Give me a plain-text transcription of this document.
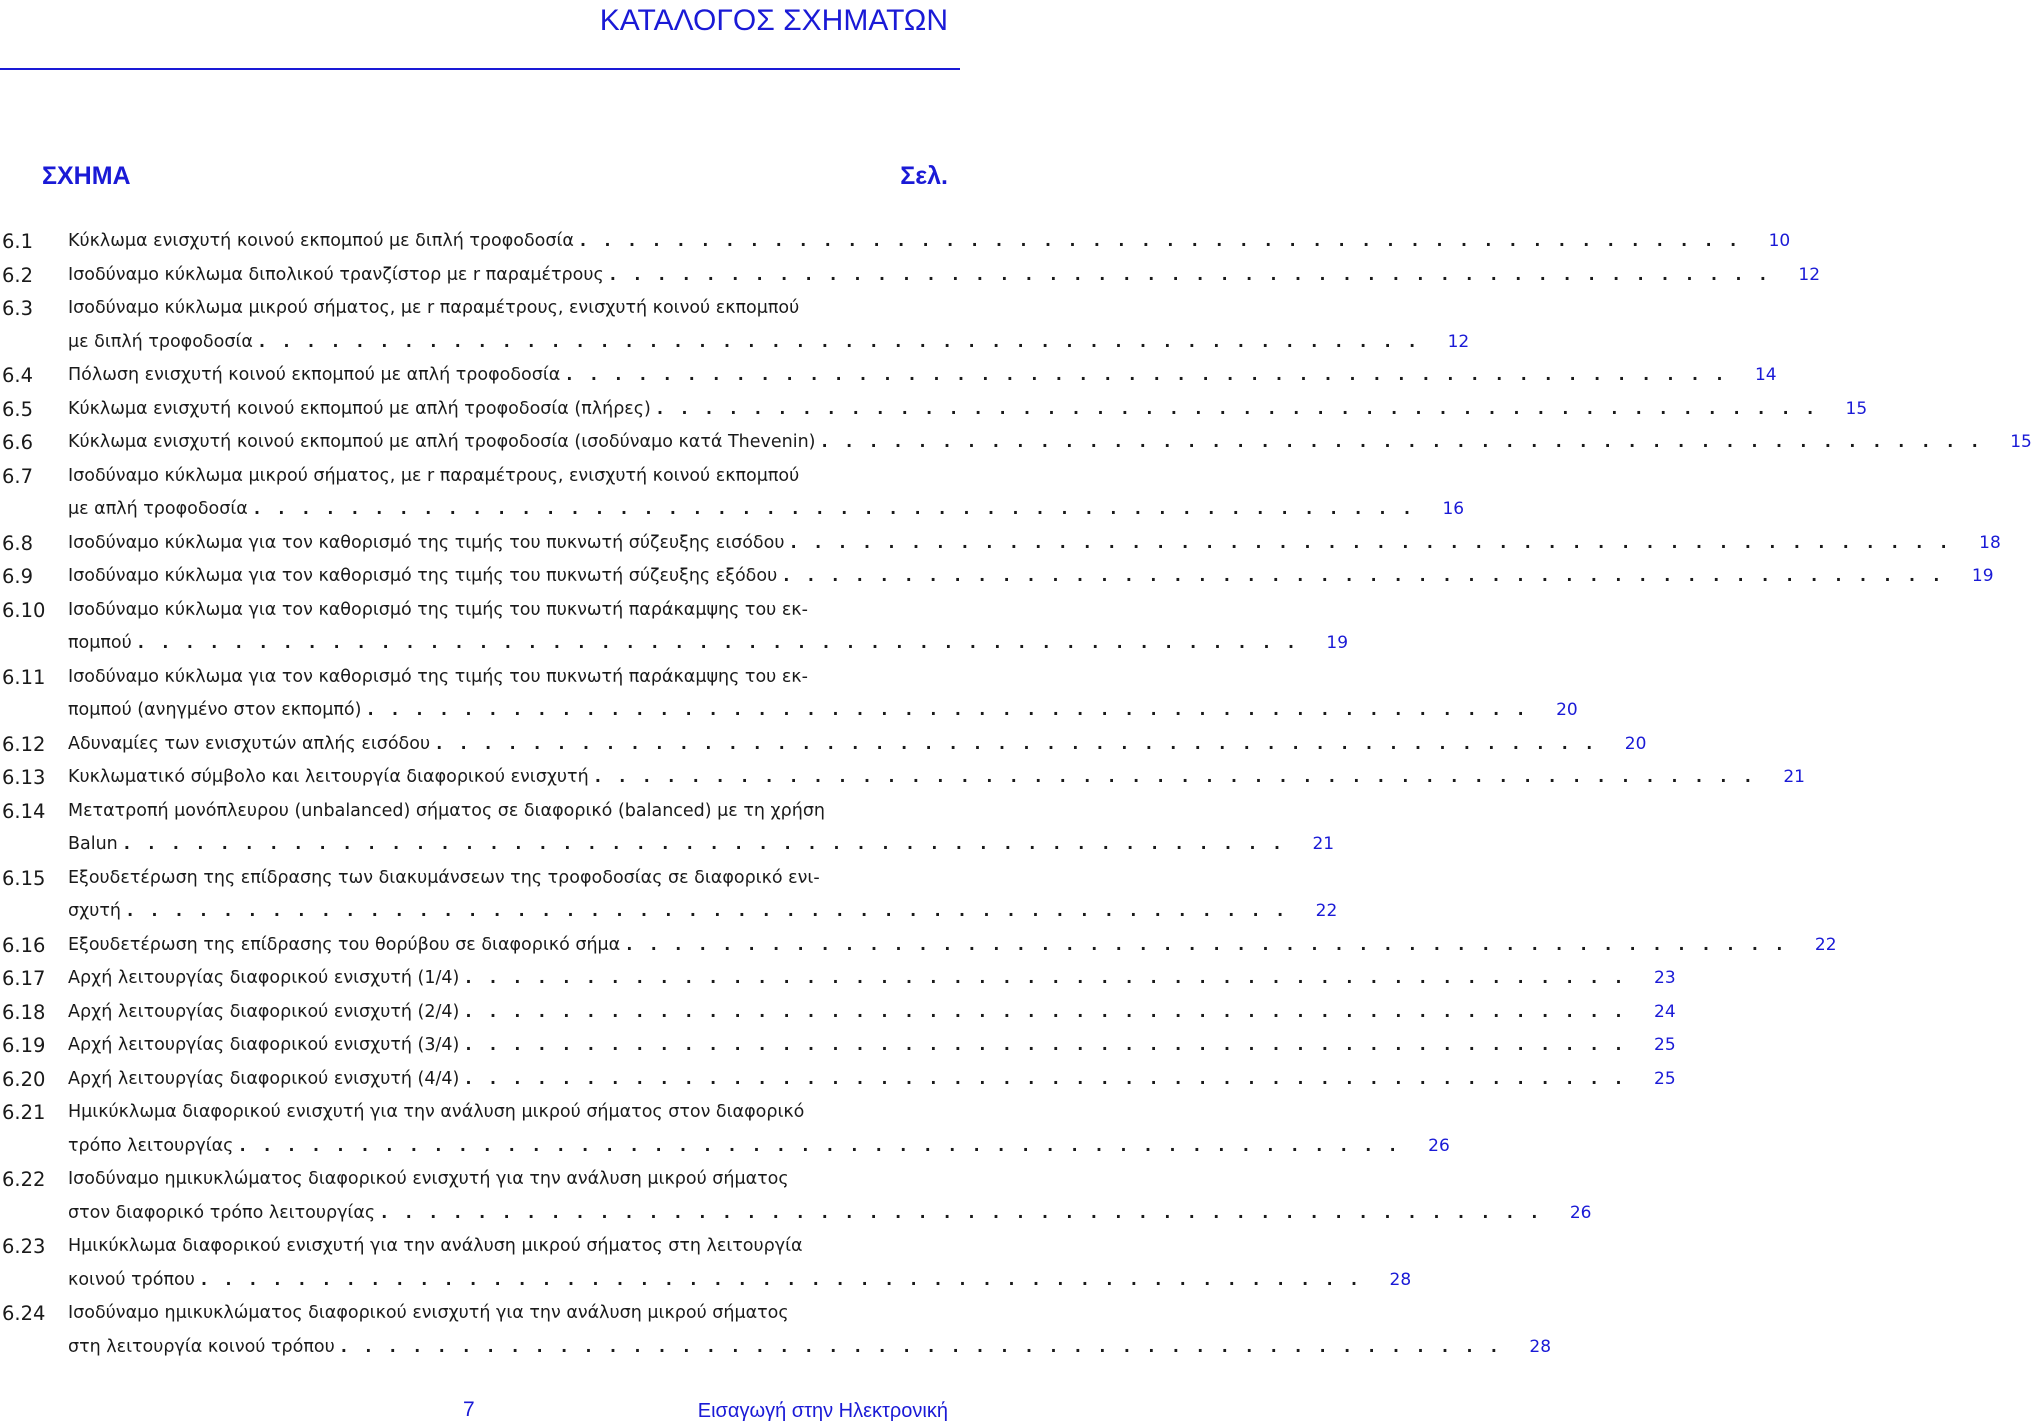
ΚΑΤΑΛΟΓΟΣ ΣΧΗΜΑΤΩΝ
ΣΧΗΜΑ	Σελ.
6.1	Κύκλωμα ενισχυτή κοινού εκπομπού με διπλή τροφοδοσία . . . . . . . . . . . . . . . . . . . . . . . . . . . . . . . . . . . . . . . . . . . . . . . .	10
6.2	Ισοδύναμο κύκλωμα διπολικού τρανζίστορ με r παραμέτρους . . . . . . . . . . . . . . . . . . . . . . . . . . . . . . . . . . . . . . . . . . . . . . . .	12
6.3	Ισοδύναμο κύκλωμα μικρού σήματος, με r παραμέτρους, ενισχυτή κοινού εκπομπού
με διπλή τροφοδοσία . . . . . . . . . . . . . . . . . . . . . . . . . . . . . . . . . . . . . . . . . . . . . . . .	12
6.4	Πόλωση ενισχυτή κοινού εκπομπού με απλή τροφοδοσία . . . . . . . . . . . . . . . . . . . . . . . . . . . . . . . . . . . . . . . . . . . . . . . .	14
6.5	Κύκλωμα ενισχυτή κοινού εκπομπού με απλή τροφοδοσία (πλήρες) . . . . . . . . . . . . . . . . . . . . . . . . . . . . . . . . . . . . . . . . . . . . . . . .	15
6.6	Κύκλωμα ενισχυτή κοινού εκπομπού με απλή τροφοδοσία (ισοδύναμο κατά Thevenin) . . . . . . . . . . . . . . . . . . . . . . . . . . . . . . . . . . . . . . . . . . . . . . . .	15
6.7	Ισοδύναμο κύκλωμα μικρού σήματος, με r παραμέτρους, ενισχυτή κοινού εκπομπού
με απλή τροφοδοσία . . . . . . . . . . . . . . . . . . . . . . . . . . . . . . . . . . . . . . . . . . . . . . . .	16
6.8	Ισοδύναμο κύκλωμα για τον καθορισμό της τιμής του πυκνωτή σύζευξης εισόδου . . . . . . . . . . . . . . . . . . . . . . . . . . . . . . . . . . . . . . . . . . . . . . . .	18
6.9	Ισοδύναμο κύκλωμα για τον καθορισμό της τιμής του πυκνωτή σύζευξης εξόδου . . . . . . . . . . . . . . . . . . . . . . . . . . . . . . . . . . . . . . . . . . . . . . . .	19
6.10	Ισοδύναμο κύκλωμα για τον καθορισμό της τιμής του πυκνωτή παράκαμψης του εκ-
πομπού . . . . . . . . . . . . . . . . . . . . . . . . . . . . . . . . . . . . . . . . . . . . . . . .	19
6.11	Ισοδύναμο κύκλωμα για τον καθορισμό της τιμής του πυκνωτή παράκαμψης του εκ-
πομπού (ανηγμένο στον εκπομπό) . . . . . . . . . . . . . . . . . . . . . . . . . . . . . . . . . . . . . . . . . . . . . . . .	20
6.12	Αδυναμίες των ενισχυτών απλής εισόδου . . . . . . . . . . . . . . . . . . . . . . . . . . . . . . . . . . . . . . . . . . . . . . . .	20
6.13	Κυκλωματικό σύμβολο και λειτουργία διαφορικού ενισχυτή . . . . . . . . . . . . . . . . . . . . . . . . . . . . . . . . . . . . . . . . . . . . . . . .	21
6.14	Μετατροπή μονόπλευρου (unbalanced) σήματος σε διαφορικό (balanced) με τη χρήση
Balun . . . . . . . . . . . . . . . . . . . . . . . . . . . . . . . . . . . . . . . . . . . . . . . .	21
6.15	Εξουδετέρωση της επίδρασης των διακυμάνσεων της τροφοδοσίας σε διαφορικό ενι-
σχυτή . . . . . . . . . . . . . . . . . . . . . . . . . . . . . . . . . . . . . . . . . . . . . . . .	22
6.16	Εξουδετέρωση της επίδρασης του θορύβου σε διαφορικό σήμα . . . . . . . . . . . . . . . . . . . . . . . . . . . . . . . . . . . . . . . . . . . . . . . .	22
6.17	Αρχή λειτουργίας διαφορικού ενισχυτή (1/4) . . . . . . . . . . . . . . . . . . . . . . . . . . . . . . . . . . . . . . . . . . . . . . . .	23
6.18	Αρχή λειτουργίας διαφορικού ενισχυτή (2/4) . . . . . . . . . . . . . . . . . . . . . . . . . . . . . . . . . . . . . . . . . . . . . . . .	24
6.19	Αρχή λειτουργίας διαφορικού ενισχυτή (3/4) . . . . . . . . . . . . . . . . . . . . . . . . . . . . . . . . . . . . . . . . . . . . . . . .	25
6.20	Αρχή λειτουργίας διαφορικού ενισχυτή (4/4) . . . . . . . . . . . . . . . . . . . . . . . . . . . . . . . . . . . . . . . . . . . . . . . .	25
6.21	Ημικύκλωμα διαφορικού ενισχυτή για την ανάλυση μικρού σήματος στον διαφορικό
τρόπο λειτουργίας . . . . . . . . . . . . . . . . . . . . . . . . . . . . . . . . . . . . . . . . . . . . . . . .	26
6.22	Ισοδύναμο ημικυκλώματος διαφορικού ενισχυτή για την ανάλυση μικρού σήματος
στον διαφορικό τρόπο λειτουργίας . . . . . . . . . . . . . . . . . . . . . . . . . . . . . . . . . . . . . . . . . . . . . . . .	26
6.23	Ημικύκλωμα διαφορικού ενισχυτή για την ανάλυση μικρού σήματος στη λειτουργία
κοινού τρόπου . . . . . . . . . . . . . . . . . . . . . . . . . . . . . . . . . . . . . . . . . . . . . . . .	28
6.24	Ισοδύναμο ημικυκλώματος διαφορικού ενισχυτή για την ανάλυση μικρού σήματος
στη λειτουργία κοινού τρόπου . . . . . . . . . . . . . . . . . . . . . . . . . . . . . . . . . . . . . . . . . . . . . . . .	28
7	Εισαγωγή στην Ηλεκτρονική
